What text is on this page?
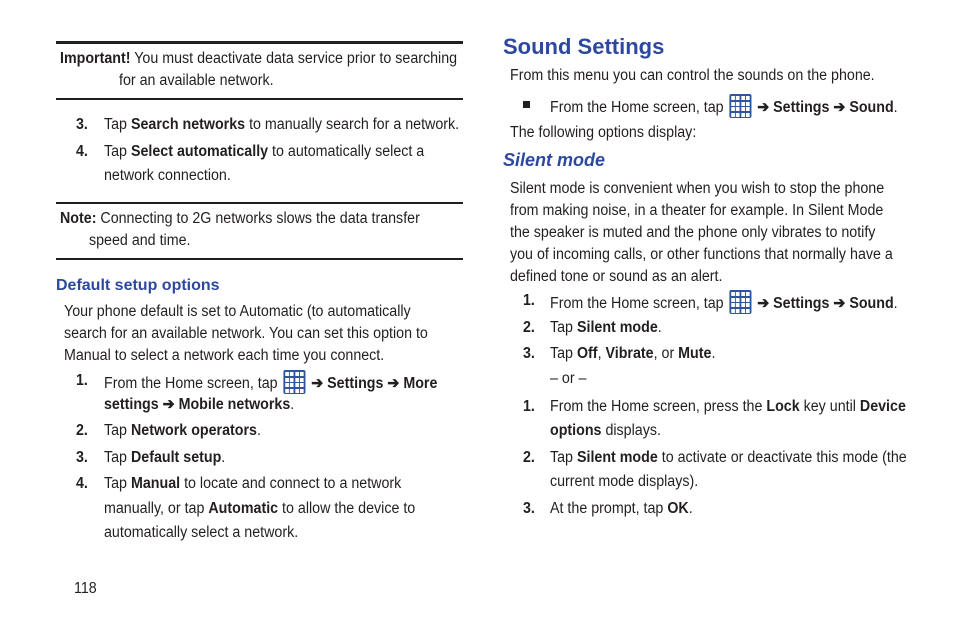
Important! You must deactivate data service prior to searching
for an available network.
3. Tap Search networks to manually search for a network.
4. Tap Select automatically to automatically select a
network connection.
Note: Connecting to 2G networks slows the data transfer
speed and time.
Default setup options
Your phone default is set to Automatic (to automatically
search for an available network. You can set this option to
Manual to select a network each time you connect.
1. From the Home screen, tap
➔ Settings ➔ More
settings ➔ Mobile networks.
2. Tap Network operators.
3. Tap Default setup.
4. Tap Manual to locate and connect to a network
manually, or tap Automatic to allow the device to
automatically select a network.
118
Sound Settings
From this menu you can control the sounds on the phone.
From the Home screen, tap
➔ Settings ➔ Sound.
The following options display:
Silent mode
Silent mode is convenient when you wish to stop the phone
from making noise, in a theater for example. In Silent Mode
the speaker is muted and the phone only vibrates to notify
you of incoming calls, or other functions that normally have a
defined tone or sound as an alert.
1. From the Home screen, tap
➔ Settings ➔ Sound.
2. Tap Silent mode.
3. Tap Off, Vibrate, or Mute.
– or –
1. From the Home screen, press the Lock key until Device
options displays.
2. Tap Silent mode to activate or deactivate this mode (the
current mode displays).
3. At the prompt, tap OK.
